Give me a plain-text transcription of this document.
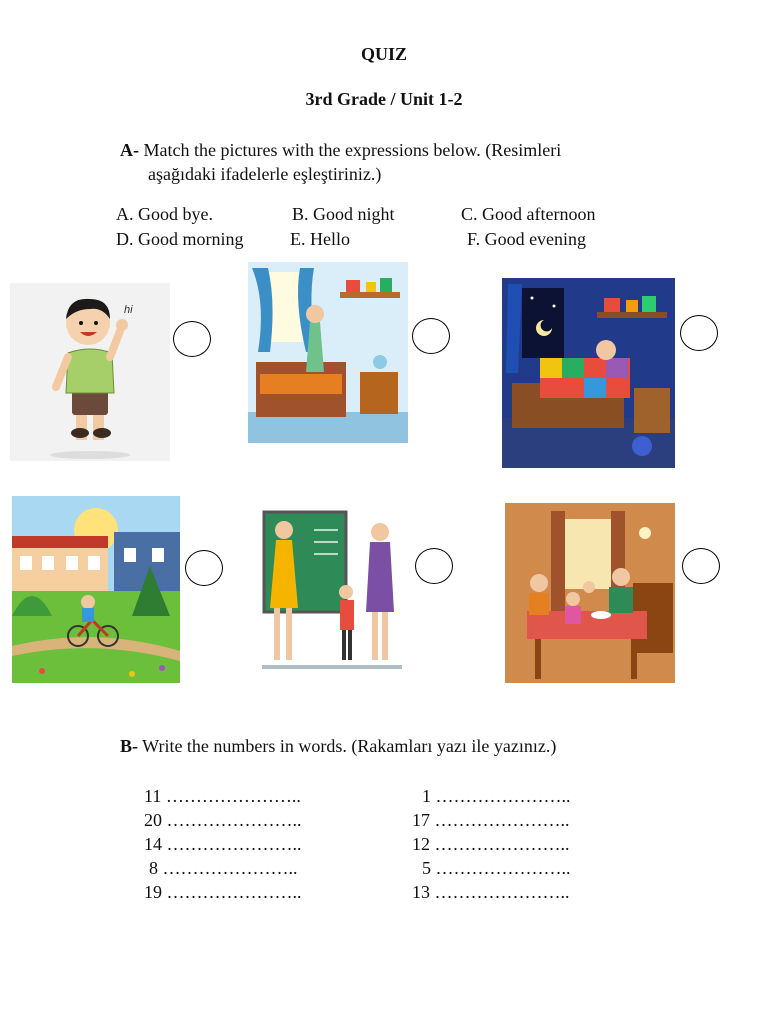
QUIZ
3rd Grade / Unit 1-2
A- Match the pictures with the expressions below. (Resimleri
aşağıdaki ifadelerle eşleştiriniz.)
A. Good bye.	B. Good night	C. Good afternoon
D. Good morning	E. Hello	F. Good evening
hi
B- Write the numbers in words. (Rakamları yazı ile yazınız.)
11 …………………..
20 …………………..
14 …………………..
8 …………………..
19 …………………..
1 …………………..
17 …………………..
12 …………………..
5 …………………..
13 …………………..
